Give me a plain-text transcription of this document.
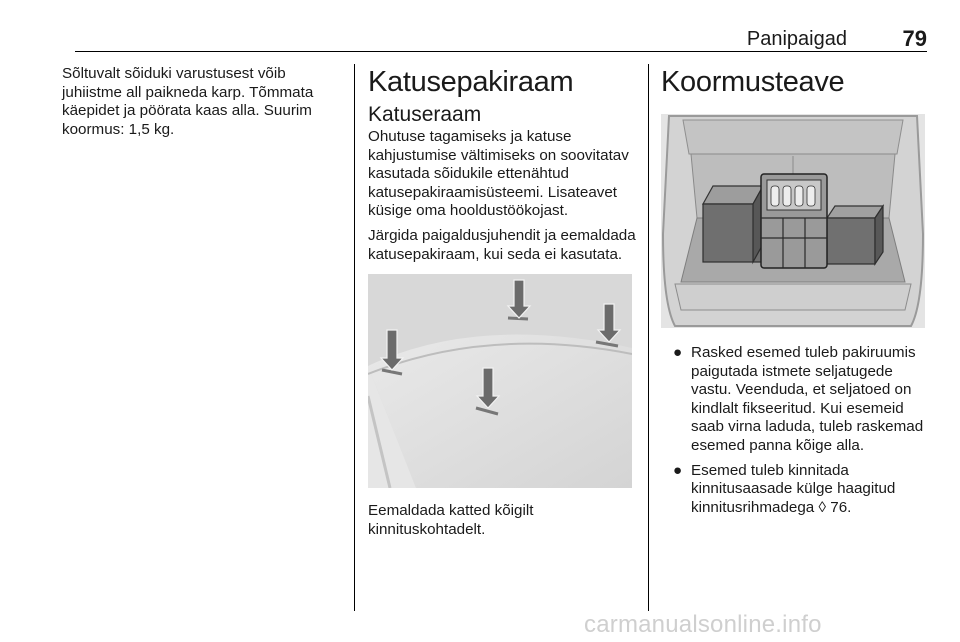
Panipaigad	79

Sõltuvalt sõiduki varustusest võib juhiistme all paikneda karp. Tõmmata käepidet ja pöörata kaas alla. Suurim koormus: 1,5 kg.

Katusepakiraam
Katuseraam

Ohutuse tagamiseks ja katuse kahjustumise vältimiseks on soovitatav kasutada sõidukile ettenähtud katusepakiraamisüsteemi. Lisateavet küsige oma hooldustöökojast.

Järgida paigaldusjuhendit ja eemaldada katusepakiraam, kui seda ei kasutata.

Eemaldada katted kõigilt kinnituskohtadelt.

Koormusteave
● Rasked esemed tuleb pakiruumis paigutada istmete seljatugede vastu. Veenduda, et seljatoed on kindlalt fikseeritud. Kui esemeid saab virna laduda, tuleb raskemad esemed panna kõige alla.
● Esemed tuleb kinnitada kinnitusaasade külge haagitud kinnitusrihmadega ◊ 76.
carmanualsonline.info
